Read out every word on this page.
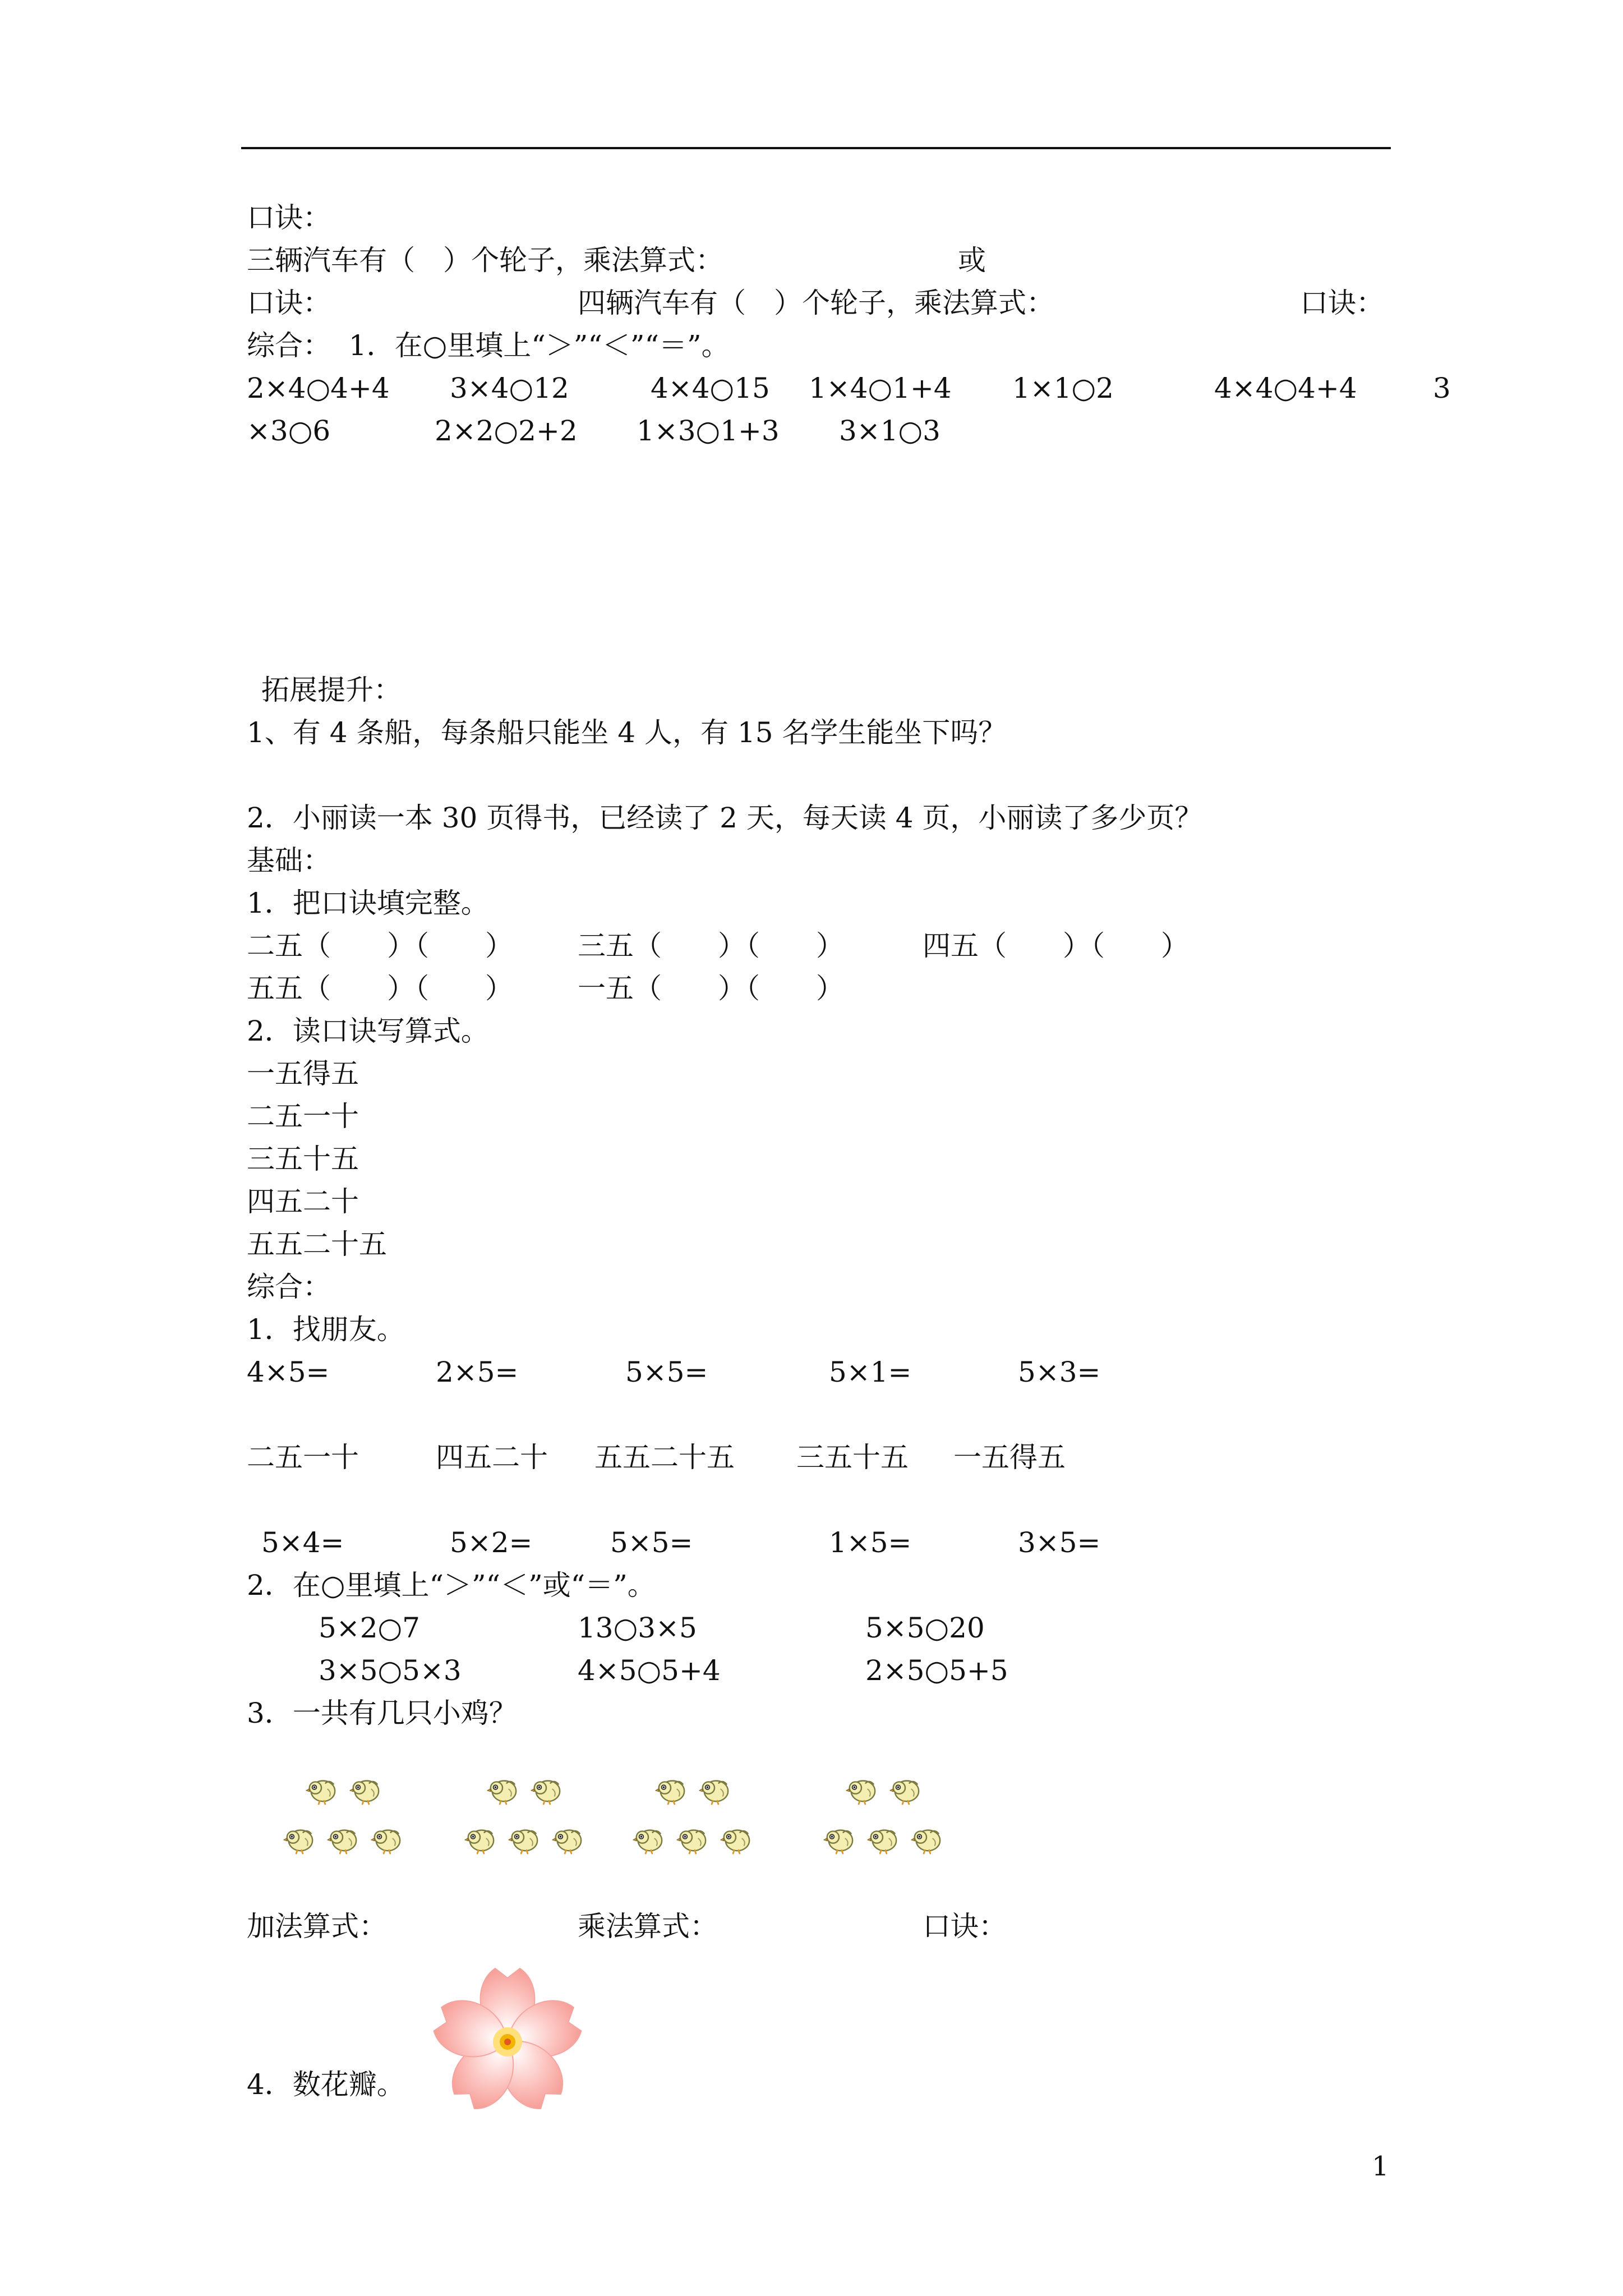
口诀：
三辆汽车有（　）个轮子，乘法算式：	或
口诀：	四辆汽车有（　）个轮子，乘法算式：	口诀：
综合：  1．在○里填上“＞”“＜”“＝”。
2×4○4+4 3×4○12	4×4○15 1×4○1+4 1×1○2	4×4○4+4	3
×3○6	2×2○2+2 1×3○1+3 3×1○3
拓展提升：
1、有 4 条船，每条船只能坐 4 人，有 15 名学生能坐下吗？
2．小丽读一本 30 页得书，已经读了 2 天，每天读 4 页，小丽读了多少页？
基础：
1．把口诀填完整。
二五（　　）（　　） 三五（　　）（　　）	四五（　　）（　　）
五五（　　）（　　） 一五（　　）（　　）
2．读口诀写算式。
一五得五
二五一十
三五十五
四五二十
五五二十五
综合：
1．找朋友。
4×5=	2×5=	5×5=	5×1=	5×3=
二五一十	四五二十 五五二十五 三五十五 一五得五
5×4=	5×2=	5×5=	1×5=	3×5=
2．在○里填上“＞”“＜”或“＝”。
5×2○7	13○3×5	5×5○20
3×5○5×3	4×5○5+4	2×5○5+5
3．一共有几只小鸡？
加法算式：	乘法算式：	口诀：
4．数花瓣。
1
